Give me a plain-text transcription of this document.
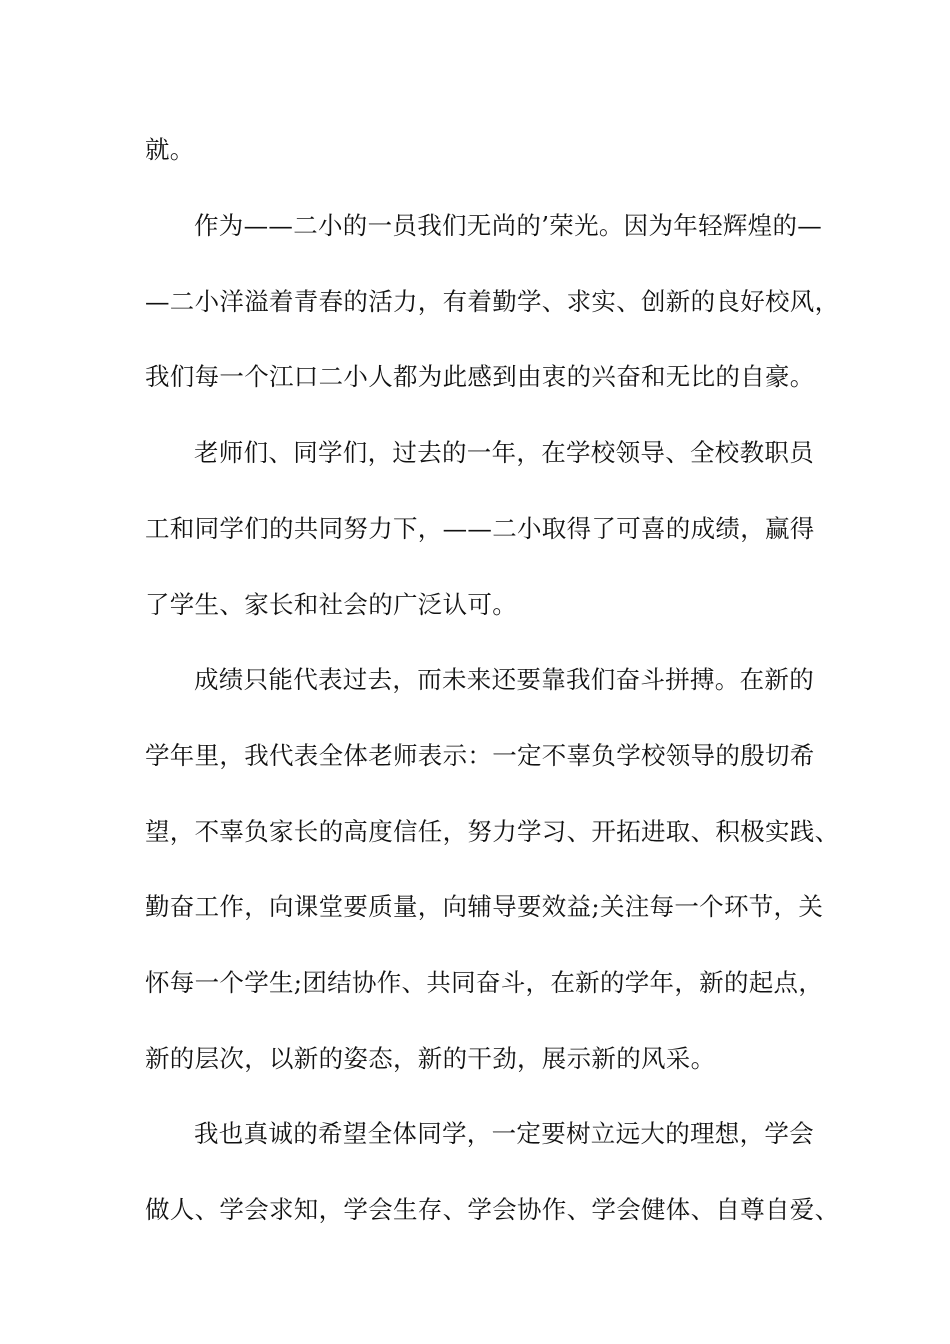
就。
作为——二小的一员我们无尚的’荣光。因为年轻辉煌的—
—二小洋溢着青春的活力，有着勤学、求实、创新的良好校风，
我们每一个江口二小人都为此感到由衷的兴奋和无比的自豪。
老师们、同学们，过去的一年，在学校领导、全校教职员
工和同学们的共同努力下，——二小取得了可喜的成绩，赢得
了学生、家长和社会的广泛认可。
成绩只能代表过去，而未来还要靠我们奋斗拼搏。在新的
学年里，我代表全体老师表示：一定不辜负学校领导的殷切希
望，不辜负家长的高度信任，努力学习、开拓进取、积极实践、
勤奋工作，向课堂要质量，向辅导要效益;关注每一个环节，关
怀每一个学生;团结协作、共同奋斗，在新的学年，新的起点，
新的层次，以新的姿态，新的干劲，展示新的风采。
我也真诚的希望全体同学，一定要树立远大的理想，学会
做人、学会求知，学会生存、学会协作、学会健体、自尊自爱、
